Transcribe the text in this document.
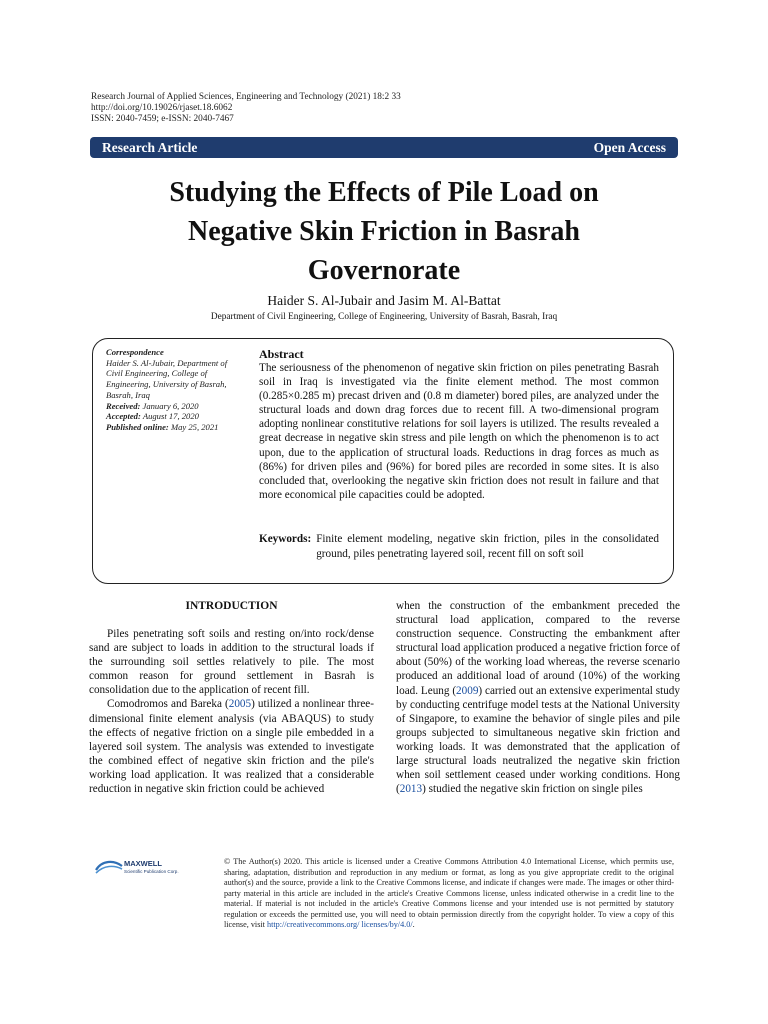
Research Journal of Applied Sciences, Engineering and Technology (2021) 18:2 33
http://doi.org/10.19026/rjaset.18.6062
ISSN: 2040-7459; e-ISSN: 2040-7467
Research Article	Open Access
Studying the Effects of Pile Load on
Negative Skin Friction in Basrah
Governorate
Haider S. Al-Jubair and Jasim M. Al-Battat
Department of Civil Engineering, College of Engineering, University of Basrah, Basrah, Iraq
Correspondence
Haider S. Al-Jubair, Department of
Civil Engineering, College of
Engineering, University of Basrah,
Basrah, Iraq
Received: January 6, 2020
Accepted: August 17, 2020
Published online: May 25, 2021
Abstract
The seriousness of the phenomenon of negative skin friction on piles penetrating Basrah soil in Iraq is investigated via the finite element method. The most common (0.285×0.285 m) precast driven and (0.8 m diameter) bored piles, are analyzed under the structural loads and down drag forces due to recent fill. A two-dimensional program adopting nonlinear constitutive relations for soil layers is utilized. The results revealed a great decrease in negative skin stress and pile length on which the phenomenon is to act upon, due to the application of structural loads. Reductions in drag forces as much as (86%) for driven piles and (96%) for bored piles are recorded in some sites. It is also concluded that, overlooking the negative skin friction does not result in failure and that more economical pile capacities could be adopted.
Keywords: Finite element modeling, negative skin friction, piles in the consolidated ground, piles penetrating layered soil, recent fill on soft soil
INTRODUCTION
Piles penetrating soft soils and resting on/into rock/dense sand are subject to loads in addition to the structural loads if the surrounding soil settles relatively to pile. The most common reason for ground settlement in Basrah is consolidation due to the application of recent fill.
Comodromos and Bareka (2005) utilized a nonlinear three-dimensional finite element analysis (via ABAQUS) to study the effects of negative friction on a single pile embedded in a layered soil system. The analysis was extended to investigate the combined effect of negative skin friction and the pile's working load application. It was realized that a considerable reduction in negative skin friction could be achieved
when the construction of the embankment preceded the structural load application, compared to the reverse construction sequence. Constructing the embankment after structural load application produced a negative friction force of about (50%) of the working load whereas, the reverse scenario produced an additional load of around (10%) of the working load. Leung (2009) carried out an extensive experimental study by conducting centrifuge model tests at the National University of Singapore, to examine the behavior of single piles and pile groups subjected to simultaneous negative skin friction and working loads. It was demonstrated that the application of large structural loads neutralized the negative skin friction when soil settlement ceased under working conditions. Hong (2013) studied the negative skin friction on single piles
MAXWELL
Scientific Publication Corp.
© The Author(s) 2020. This article is licensed under a Creative Commons Attribution 4.0 International License, which permits use, sharing, adaptation, distribution and reproduction in any medium or format, as long as you give appropriate credit to the original author(s) and the source, provide a link to the Creative Commons license, and indicate if changes were made. The images or other third-party material in this article are included in the article's Creative Commons license, unless indicated otherwise in a credit line to the material. If material is not included in the article's Creative Commons license and your intended use is not permitted by statutory regulation or exceeds the permitted use, you will need to obtain permission directly from the copyright holder. To view a copy of this license, visit http://creativecommons.org/ licenses/by/4.0/.
